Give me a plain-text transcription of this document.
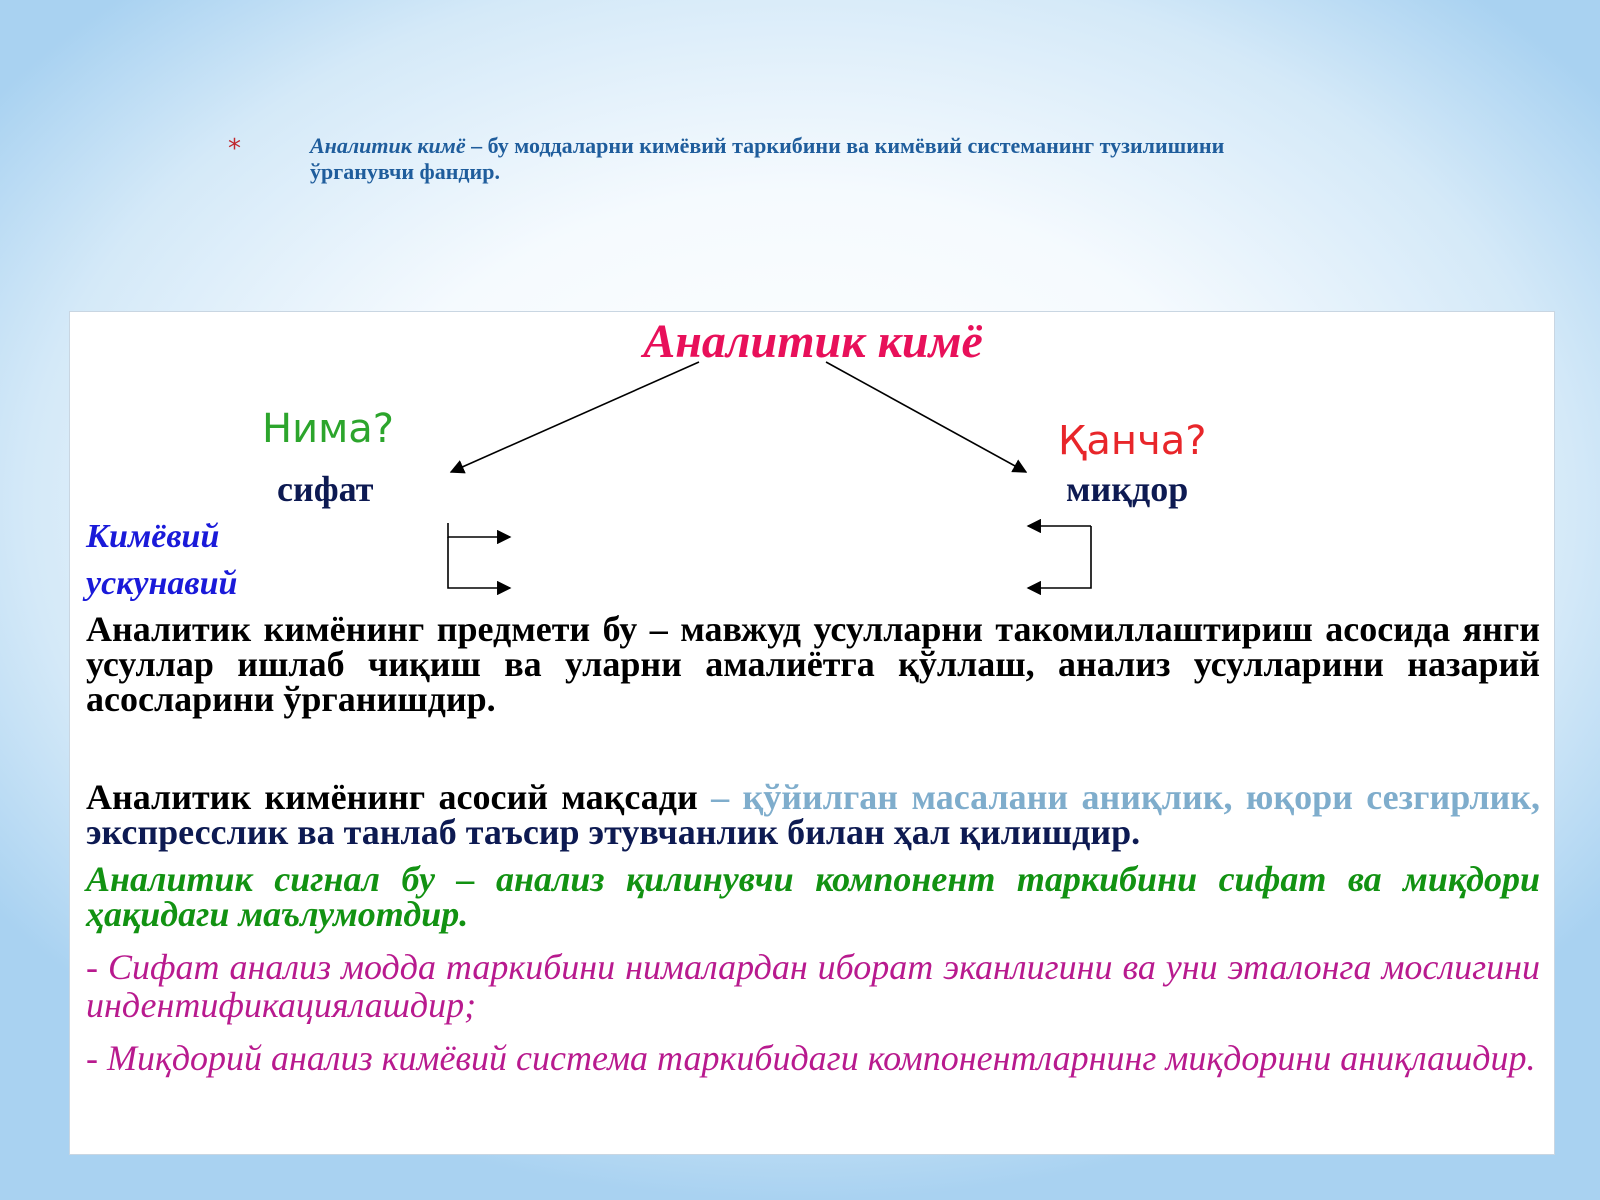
*	Аналитик кимё – бу моддаларни кимёвий таркибини ва кимёвий системанинг тузилишини ўрганувчи фандир.
Аналитик кимё
Нима?	Қанча?
сифат	миқдор
Кимёвий
ускунавий
Аналитик кимёнинг предмети бу – мавжуд усулларни такомиллаштириш асосида янги усуллар ишлаб чиқиш ва уларни амалиётга қўллаш, анализ усулларини назарий асосларини ўрганишдир.
Аналитик кимёнинг асосий мақсади – қўйилган масалани аниқлик, юқори сезгирлик, экспресслик ва танлаб таъсир этувчанлик билан ҳал қилишдир.
Аналитик сигнал бу – анализ қилинувчи компонент таркибини сифат ва миқдори ҳақидаги маълумотдир.
- Сифат анализ модда таркибини нималардан иборат эканлигини ва уни эталонга мослигини индентификациялашдир;
- Миқдорий анализ кимёвий система таркибидаги компонентларнинг миқдорини аниқлашдир.
